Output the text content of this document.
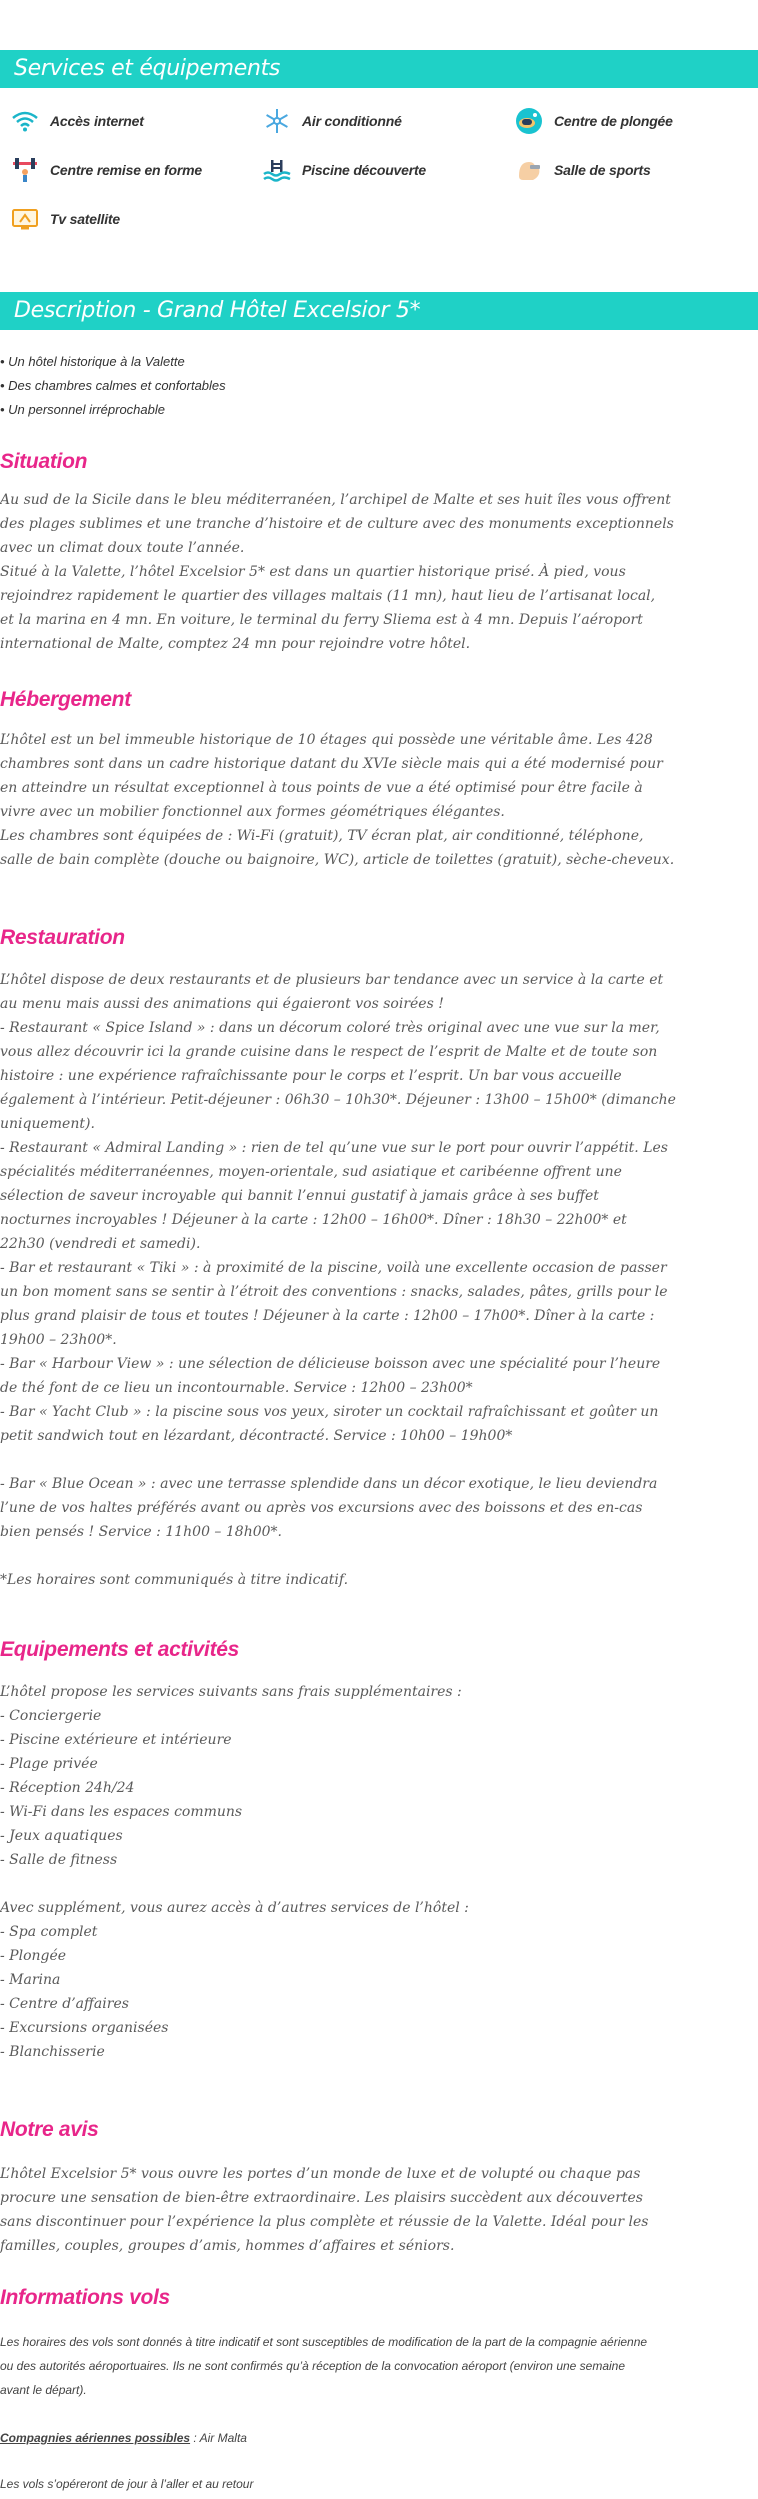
Services et équipements
Accès internet	Air conditionné	Centre de plongée
Centre remise en forme	Piscine découverte	Salle de sports
Tv satellite
Description - Grand Hôtel Excelsior 5*
• Un hôtel historique à la Valette
• Des chambres calmes et confortables
• Un personnel irréprochable
Situation
Au sud de la Sicile dans le bleu méditerranéen, l’archipel de Malte et ses huit îles vous offrent
des plages sublimes et une tranche d’histoire et de culture avec des monuments exceptionnels
avec un climat doux toute l’année.
Situé à la Valette, l’hôtel Excelsior 5* est dans un quartier historique prisé. À pied, vous
rejoindrez rapidement le quartier des villages maltais (11 mn), haut lieu de l’artisanat local,
et la marina en 4 mn. En voiture, le terminal du ferry Sliema est à 4 mn. Depuis l’aéroport
international de Malte, comptez 24 mn pour rejoindre votre hôtel.
Hébergement
L’hôtel est un bel immeuble historique de 10 étages qui possède une véritable âme. Les 428
chambres sont dans un cadre historique datant du XVIe siècle mais qui a été modernisé pour
en atteindre un résultat exceptionnel à tous points de vue a été optimisé pour être facile à
vivre avec un mobilier fonctionnel aux formes géométriques élégantes.
Les chambres sont équipées de : Wi-Fi (gratuit), TV écran plat, air conditionné, téléphone,
salle de bain complète (douche ou baignoire, WC), article de toilettes (gratuit), sèche-cheveux.
Restauration
L’hôtel dispose de deux restaurants et de plusieurs bar tendance avec un service à la carte et
au menu mais aussi des animations qui égaieront vos soirées !
- Restaurant « Spice Island » : dans un décorum coloré très original avec une vue sur la mer,
vous allez découvrir ici la grande cuisine dans le respect de l’esprit de Malte et de toute son
histoire : une expérience rafraîchissante pour le corps et l’esprit. Un bar vous accueille
également à l’intérieur. Petit-déjeuner : 06h30 – 10h30*. Déjeuner : 13h00 – 15h00* (dimanche
uniquement).
- Restaurant « Admiral Landing » : rien de tel qu’une vue sur le port pour ouvrir l’appétit. Les
spécialités méditerranéennes, moyen-orientale, sud asiatique et caribéenne offrent une
sélection de saveur incroyable qui bannit l’ennui gustatif à jamais grâce à ses buffet
nocturnes incroyables ! Déjeuner à la carte : 12h00 – 16h00*. Dîner : 18h30 – 22h00* et
22h30 (vendredi et samedi).
- Bar et restaurant « Tiki » : à proximité de la piscine, voilà une excellente occasion de passer
un bon moment sans se sentir à l’étroit des conventions : snacks, salades, pâtes, grills pour le
plus grand plaisir de tous et toutes ! Déjeuner à la carte : 12h00 – 17h00*. Dîner à la carte :
19h00 – 23h00*.
- Bar « Harbour View » : une sélection de délicieuse boisson avec une spécialité pour l’heure
de thé font de ce lieu un incontournable. Service : 12h00 – 23h00*
- Bar « Yacht Club » : la piscine sous vos yeux, siroter un cocktail rafraîchissant et goûter un
petit sandwich tout en lézardant, décontracté. Service : 10h00 – 19h00*
- Bar « Blue Ocean » : avec une terrasse splendide dans un décor exotique, le lieu deviendra
l’une de vos haltes préférés avant ou après vos excursions avec des boissons et des en-cas
bien pensés ! Service : 11h00 – 18h00*.
*Les horaires sont communiqués à titre indicatif.
Equipements et activités
L’hôtel propose les services suivants sans frais supplémentaires :
- Conciergerie
- Piscine extérieure et intérieure
- Plage privée
- Réception 24h/24
- Wi-Fi dans les espaces communs
- Jeux aquatiques
- Salle de fitness
Avec supplément, vous aurez accès à d’autres services de l’hôtel :
- Spa complet
- Plongée
- Marina
- Centre d’affaires
- Excursions organisées
- Blanchisserie
Notre avis
L’hôtel Excelsior 5* vous ouvre les portes d’un monde de luxe et de volupté ou chaque pas
procure une sensation de bien-être extraordinaire. Les plaisirs succèdent aux découvertes
sans discontinuer pour l’expérience la plus complète et réussie de la Valette. Idéal pour les
familles, couples, groupes d’amis, hommes d’affaires et séniors.
Informations vols
Les horaires des vols sont donnés à titre indicatif et sont susceptibles de modification de la part de la compagnie aérienne
ou des autorités aéroportuaires. Ils ne sont confirmés qu’à réception de la convocation aéroport (environ une semaine
avant le départ).
Compagnies aériennes possibles : Air Malta
Les vols s’opéreront de jour à l’aller et au retour
